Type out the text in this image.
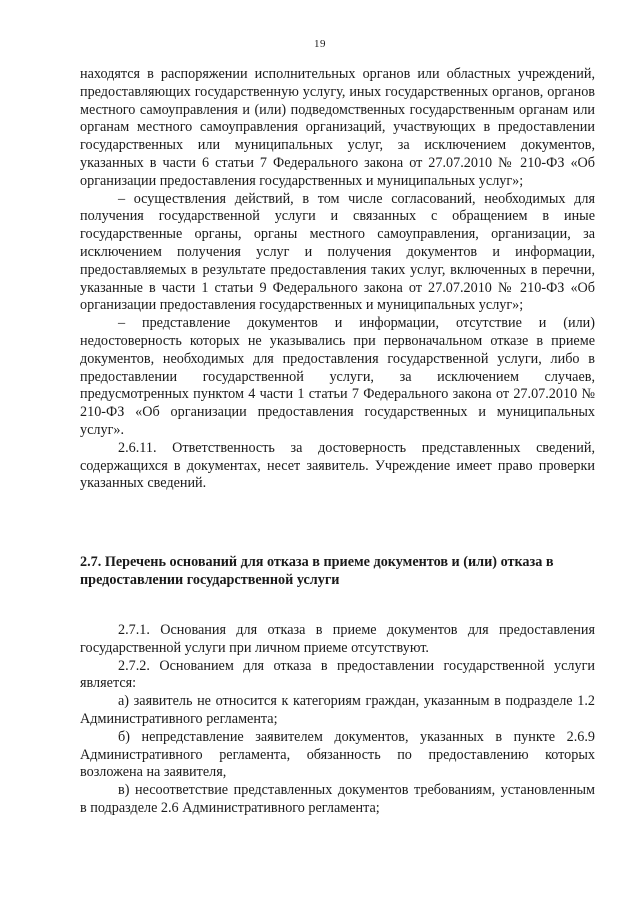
19

находятся в распоряжении исполнительных органов или областных учреждений, предоставляющих государственную услугу, иных государственных органов, органов местного самоуправления и (или) подведомственных государственным органам или органам местного самоуправления организаций, участвующих в предоставлении государственных или муниципальных услуг, за исключением документов, указанных в части 6 статьи 7 Федерального закона от 27.07.2010 № 210-ФЗ «Об организации предоставления государственных и муниципальных услуг»;

– осуществления действий, в том числе согласований, необходимых для получения государственной услуги и связанных с обращением в иные государственные органы, органы местного самоуправления, организации, за исключением получения услуг и получения документов и информации, предоставляемых в результате предоставления таких услуг, включенных в перечни, указанные в части 1 статьи 9 Федерального закона от 27.07.2010 № 210-ФЗ «Об организации предоставления государственных и муниципальных услуг»;

– представление документов и информации, отсутствие и (или) недостоверность которых не указывались при первоначальном отказе в приеме документов, необходимых для предоставления государственной услуги, либо в предоставлении государственной услуги, за исключением случаев, предусмотренных пунктом 4 части 1 статьи 7 Федерального закона от 27.07.2010 № 210-ФЗ «Об организации предоставления государственных и муниципальных услуг».

2.6.11. Ответственность за достоверность представленных сведений, содержащихся в документах, несет заявитель. Учреждение имеет право проверки указанных сведений.

2.7. Перечень оснований для отказа в приеме документов и (или) отказа в
предоставлении государственной услуги

2.7.1. Основания для отказа в приеме документов для предоставления государственной услуги при личном приеме отсутствуют.

2.7.2. Основанием для отказа в предоставлении государственной услуги является:

а) заявитель не относится к категориям граждан, указанным в подразделе 1.2 Административного регламента;

б) непредставление заявителем документов, указанных в пункте 2.6.9 Административного регламента, обязанность по предоставлению которых возложена на заявителя,

в) несоответствие представленных документов требованиям, установленным в подразделе 2.6 Административного регламента;
